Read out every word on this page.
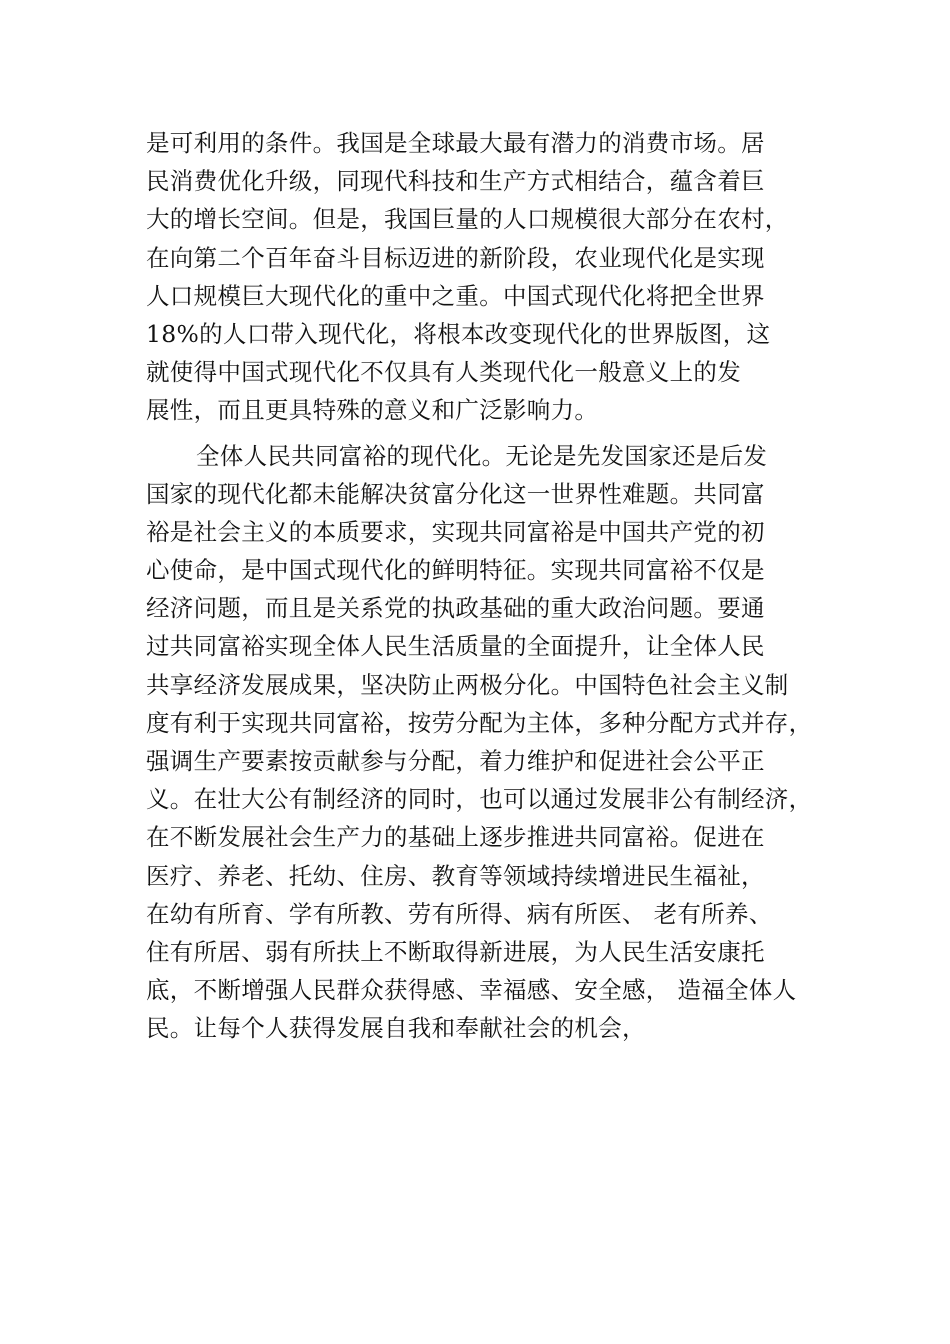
是可利用的条件。我国是全球最大最有潜力的消费市场。居
民消费优化升级，同现代科技和生产方式相结合，蕴含着巨
大的增长空间。但是，我国巨量的人口规模很大部分在农村，
在向第二个百年奋斗目标迈进的新阶段，农业现代化是实现
人口规模巨大现代化的重中之重。中国式现代化将把全世界
18%的人口带入现代化，将根本改变现代化的世界版图，这
就使得中国式现代化不仅具有人类现代化一般意义上的发
展性，而且更具特殊的意义和广泛影响力。
全体人民共同富裕的现代化。无论是先发国家还是后发
国家的现代化都未能解决贫富分化这一世界性难题。共同富
裕是社会主义的本质要求，实现共同富裕是中国共产党的初
心使命，是中国式现代化的鲜明特征。实现共同富裕不仅是
经济问题，而且是关系党的执政基础的重大政治问题。要通
过共同富裕实现全体人民生活质量的全面提升，让全体人民
共享经济发展成果，坚决防止两极分化。中国特色社会主义制
度有利于实现共同富裕，按劳分配为主体，多种分配方式并存，
强调生产要素按贡献参与分配，着力维护和促进社会公平正
义。在壮大公有制经济的同时，也可以通过发展非公有制经济，
在不断发展社会生产力的基础上逐步推进共同富裕。促进在
医疗、养老、托幼、住房、教育等领域持续增进民生福祉，
在幼有所育、学有所教、劳有所得、病有所医、 老有所养、
住有所居、弱有所扶上不断取得新进展，为人民生活安康托
底，不断增强人民群众获得感、幸福感、安全感， 造福全体人
民。让每个人获得发展自我和奉献社会的机会，
